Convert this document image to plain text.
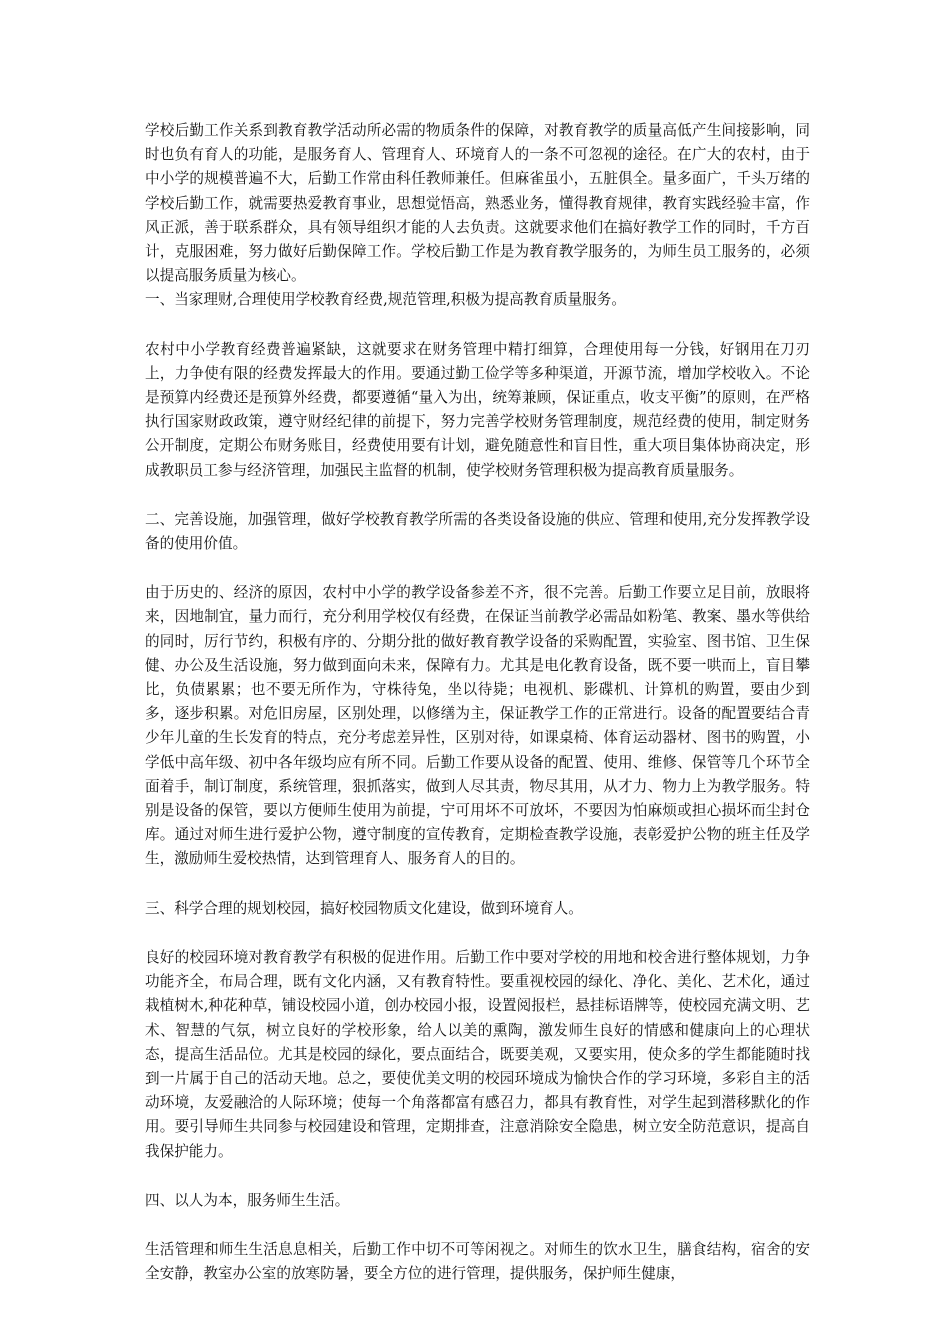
学校后勤工作关系到教育教学活动所必需的物质条件的保障，对教育教学的质量高低产生间接影响，同时也负有育人的功能，是服务育人、管理育人、环境育人的一条不可忽视的途径。在广大的农村，由于中小学的规模普遍不大，后勤工作常由科任教师兼任。但麻雀虽小，五脏俱全。量多面广，千头万绪的学校后勤工作，就需要热爱教育事业，思想觉悟高，熟悉业务，懂得教育规律，教育实践经验丰富，作风正派，善于联系群众，具有领导组织才能的人去负责。这就要求他们在搞好教学工作的同时，千方百计，克服困难，努力做好后勤保障工作。学校后勤工作是为教育教学服务的，为师生员工服务的，必须以提高服务质量为核心。

一、当家理财,合理使用学校教育经费,规范管理,积极为提高教育质量服务。

农村中小学教育经费普遍紧缺，这就要求在财务管理中精打细算，合理使用每一分钱，好钢用在刀刃上，力争使有限的经费发挥最大的作用。要通过勤工俭学等多种渠道，开源节流，增加学校收入。不论是预算内经费还是预算外经费，都要遵循“量入为出，统筹兼顾，保证重点，收支平衡”的原则，在严格执行国家财政政策，遵守财经纪律的前提下，努力完善学校财务管理制度，规范经费的使用，制定财务公开制度，定期公布财务账目，经费使用要有计划，避免随意性和盲目性，重大项目集体协商决定，形成教职员工参与经济管理，加强民主监督的机制，使学校财务管理积极为提高教育质量服务。

二、完善设施，加强管理，做好学校教育教学所需的各类设备设施的供应、管理和使用,充分发挥教学设备的使用价值。

由于历史的、经济的原因，农村中小学的教学设备参差不齐，很不完善。后勤工作要立足目前，放眼将来，因地制宜，量力而行，充分利用学校仅有经费，在保证当前教学必需品如粉笔、教案、墨水等供给的同时，厉行节约，积极有序的、分期分批的做好教育教学设备的采购配置，实验室、图书馆、卫生保健、办公及生活设施，努力做到面向未来，保障有力。尤其是电化教育设备，既不要一哄而上，盲目攀比，负债累累；也不要无所作为，守株待兔，坐以待毙；电视机、影碟机、计算机的购置，要由少到多，逐步积累。对危旧房屋，区别处理，以修缮为主，保证教学工作的正常进行。设备的配置要结合青少年儿童的生长发育的特点，充分考虑差异性，区别对待，如课桌椅、体育运动器材、图书的购置，小学低中高年级、初中各年级均应有所不同。后勤工作要从设备的配置、使用、维修、保管等几个环节全面着手，制订制度，系统管理，狠抓落实，做到人尽其责，物尽其用，从才力、物力上为教学服务。特别是设备的保管，要以方便师生使用为前提，宁可用坏不可放坏，不要因为怕麻烦或担心损坏而尘封仓库。通过对师生进行爱护公物，遵守制度的宣传教育，定期检查教学设施，表彰爱护公物的班主任及学生，激励师生爱校热情，达到管理育人、服务育人的目的。

三、科学合理的规划校园，搞好校园物质文化建设，做到环境育人。

良好的校园环境对教育教学有积极的促进作用。后勤工作中要对学校的用地和校舍进行整体规划，力争功能齐全，布局合理，既有文化内涵，又有教育特性。要重视校园的绿化、净化、美化、艺术化，通过栽植树木,种花种草，铺设校园小道，创办校园小报，设置阅报栏，悬挂标语牌等，使校园充满文明、艺术、智慧的气氛，树立良好的学校形象，给人以美的熏陶，激发师生良好的情感和健康向上的心理状态，提高生活品位。尤其是校园的绿化，要点面结合，既要美观，又要实用，使众多的学生都能随时找到一片属于自己的活动天地。总之，要使优美文明的校园环境成为愉快合作的学习环境，多彩自主的活动环境，友爱融洽的人际环境；使每一个角落都富有感召力，都具有教育性，对学生起到潜移默化的作用。要引导师生共同参与校园建设和管理，定期排查，注意消除安全隐患，树立安全防范意识，提高自我保护能力。

四、以人为本，服务师生生活。

生活管理和师生生活息息相关，后勤工作中切不可等闲视之。对师生的饮水卫生，膳食结构，宿舍的安全安静，教室办公室的放寒防暑，要全方位的进行管理，提供服务，保护师生健康，
